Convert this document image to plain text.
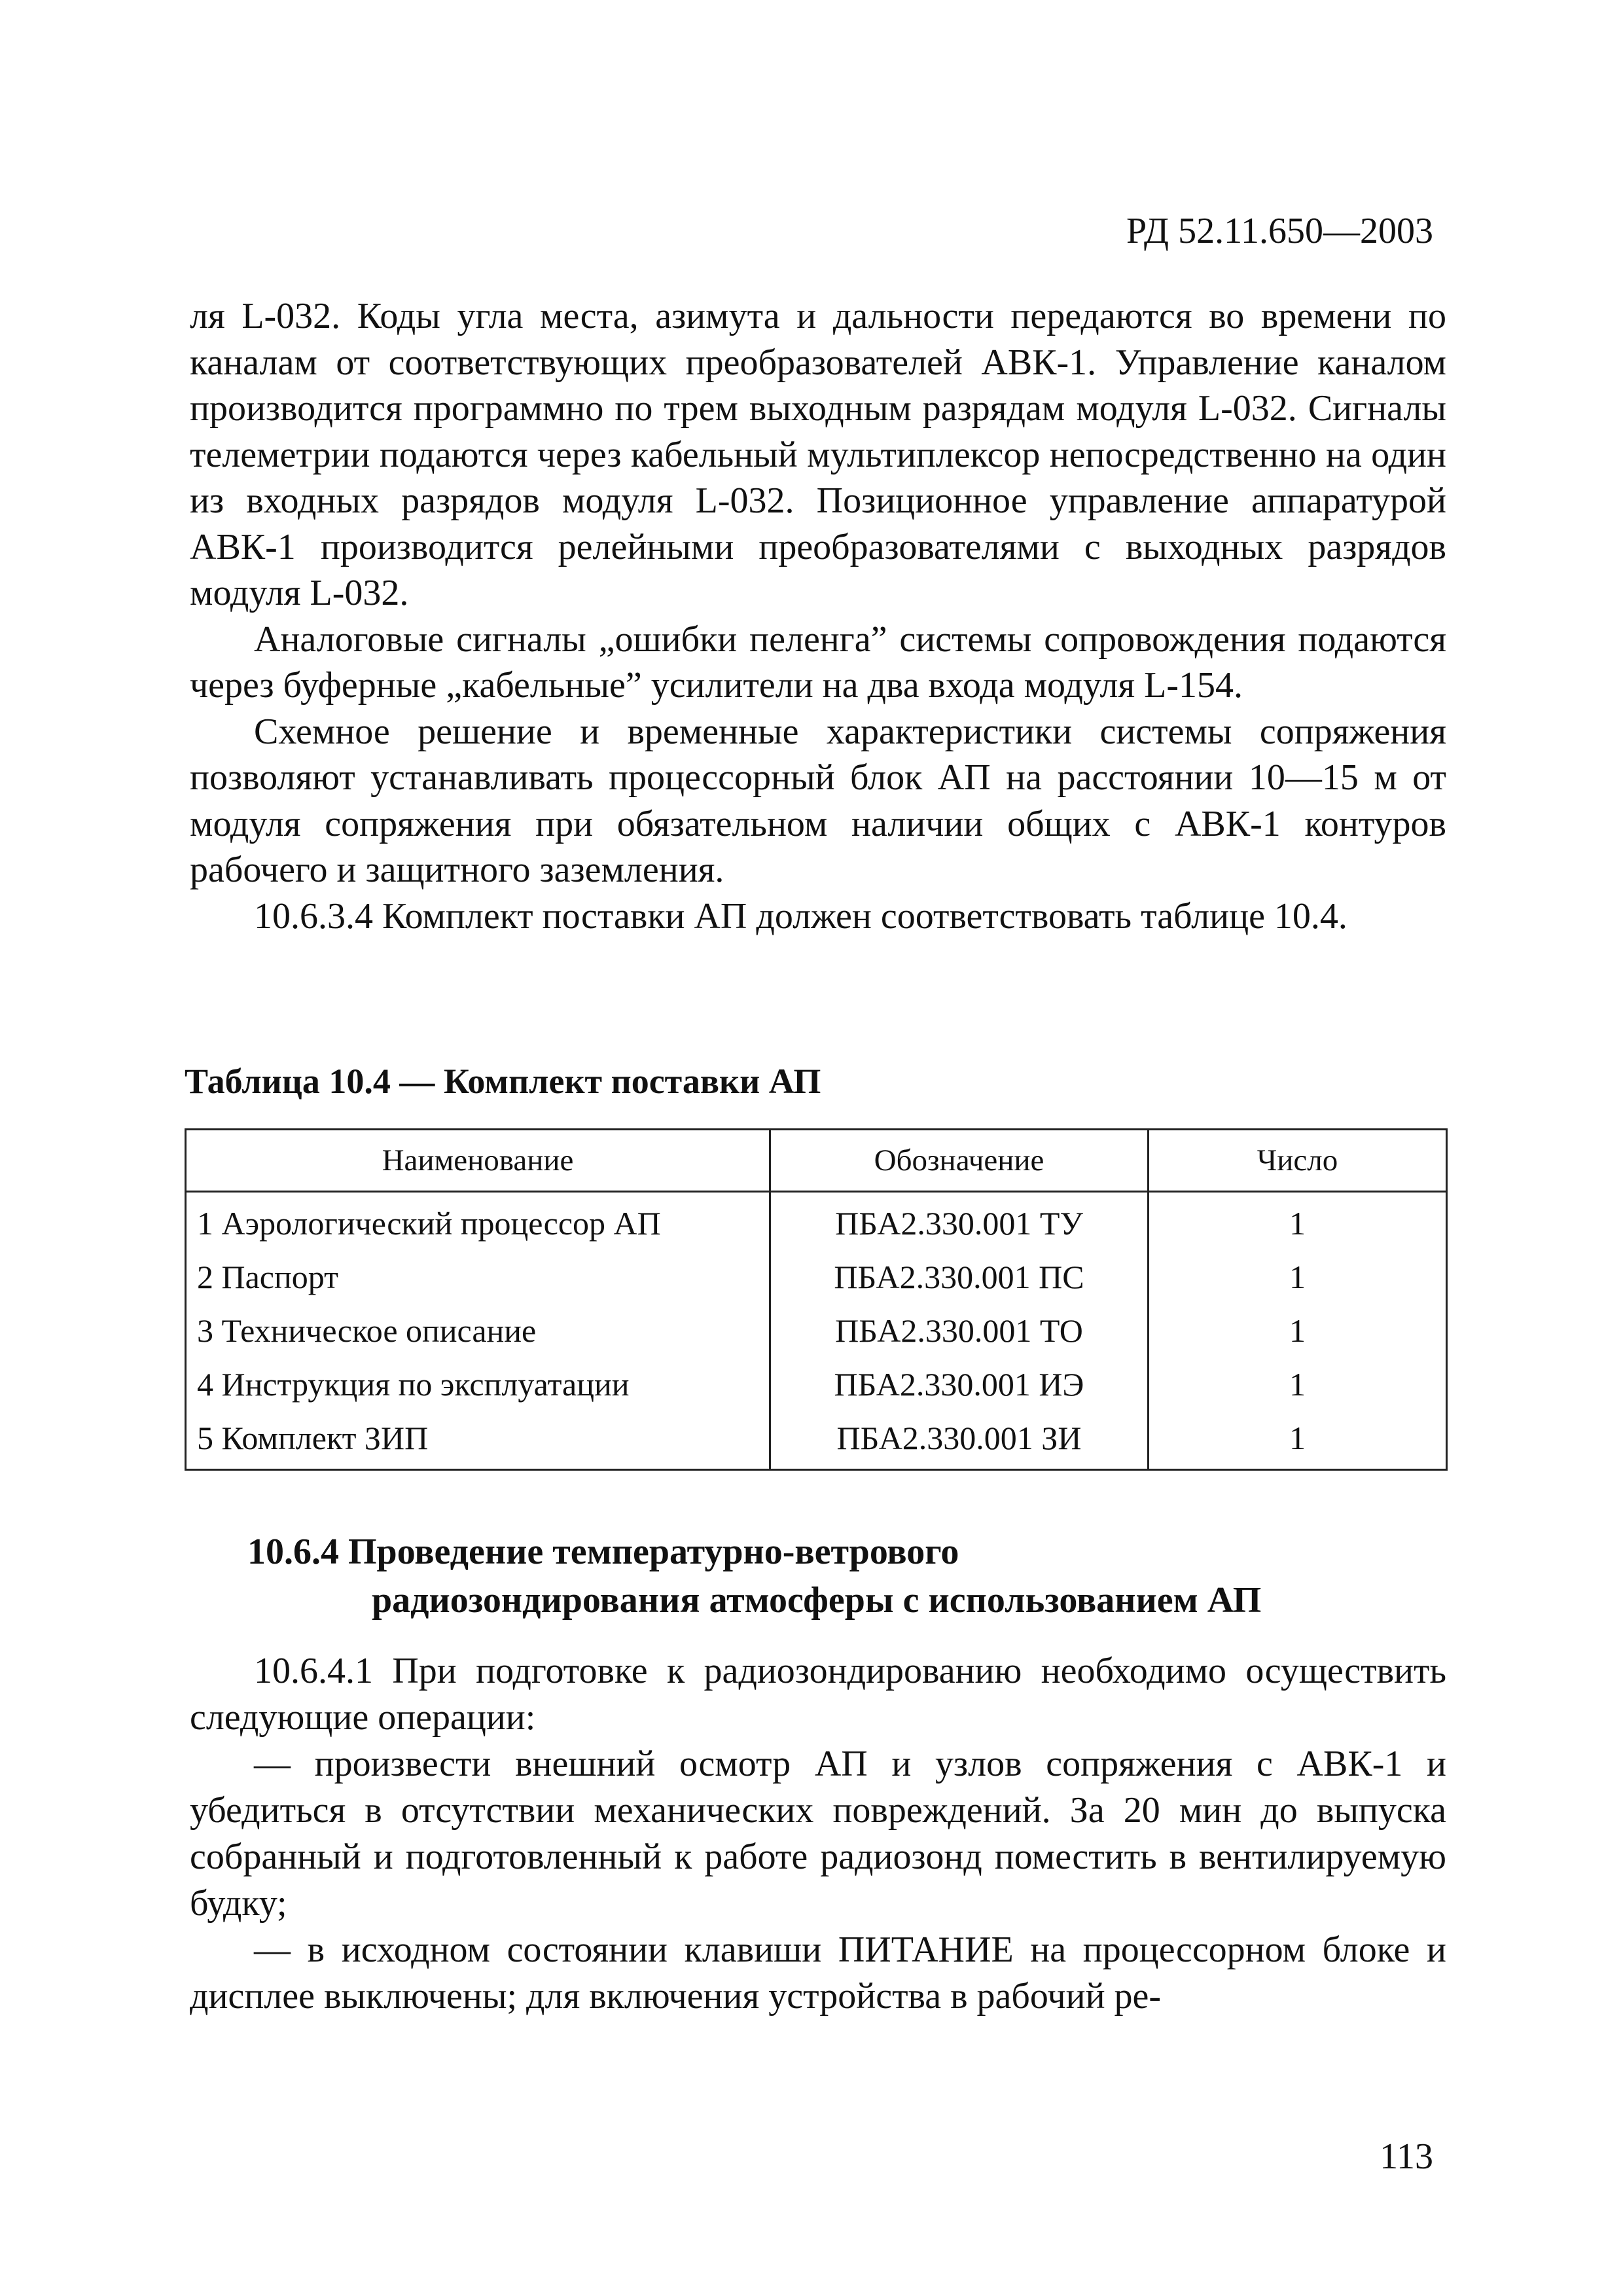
РД 52.11.650—2003

ля L-032. Коды угла места, азимута и дальности передаются во времени по каналам от соответствующих преобразователей АВК-1. Управление каналом производится программно по трем выходным разрядам модуля L-032. Сигналы телеметрии подаются через кабельный мультиплексор непосредственно на один из входных разрядов модуля L-032. Позиционное управление аппаратурой АВК-1 производится релейными преобразователями с выходных разрядов модуля L-032.

Аналоговые сигналы „ошибки пеленга” системы сопровождения подаются через буферные „кабельные” усилители на два входа модуля L-154.

Схемное решение и временные характеристики системы сопряжения позволяют устанавливать процессорный блок АП на расстоянии 10—15 м от модуля сопряжения при обязательном наличии общих с АВК-1 контуров рабочего и защитного заземления.

10.6.3.4 Комплект поставки АП должен соответствовать таблице 10.4.

Таблица 10.4 — Комплект поставки АП
Наименование	Обозначение	Число
1 Аэрологический процессор АП	ПБА2.330.001 ТУ	1
2 Паспорт	ПБА2.330.001 ПС	1
3 Техническое описание	ПБА2.330.001 ТО	1
4 Инструкция по эксплуатации	ПБА2.330.001 ИЭ	1
5 Комплект ЗИП	ПБА2.330.001 ЗИ	1
10.6.4 Проведение температурно-ветрового
радиозондирования атмосферы с использованием АП

10.6.4.1 При подготовке к радиозондированию необходимо осуществить следующие операции:

— произвести внешний осмотр АП и узлов сопряжения с АВК-1 и убедиться в отсутствии механических повреждений. За 20 мин до выпуска собранный и подготовленный к работе радиозонд поместить в вентилируемую будку;

— в исходном состоянии клавиши ПИТАНИЕ на процессорном блоке и дисплее выключены; для включения устройства в рабочий ре-

113
